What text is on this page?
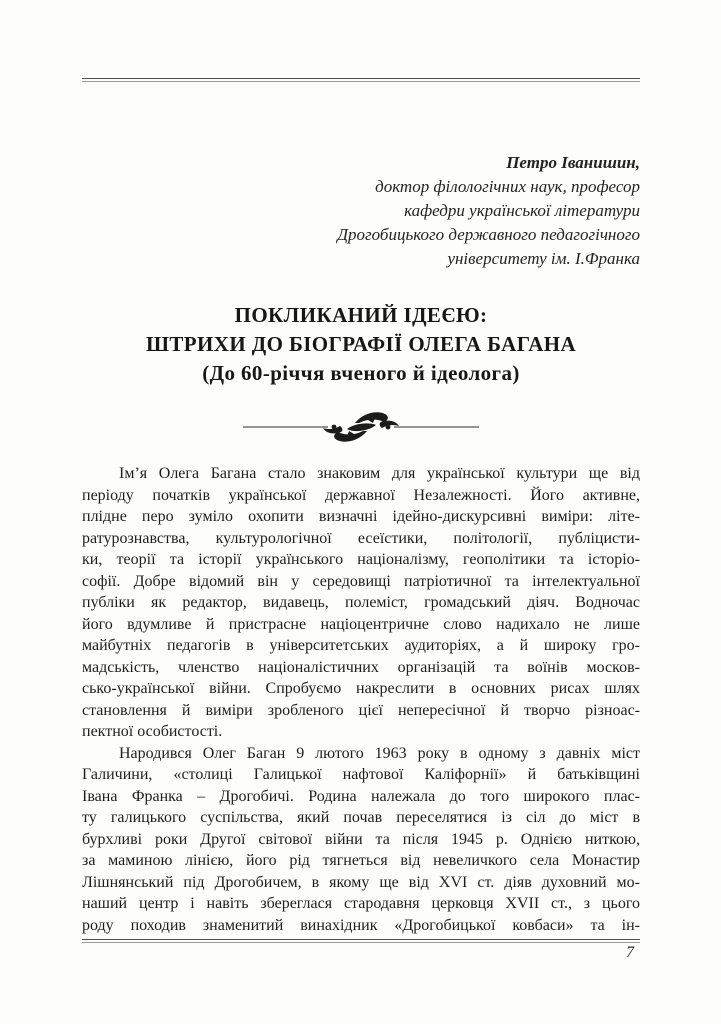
Петро Іванишин,
доктор філологічних наук, професор
кафедри української літератури
Дрогобицького державного педагогічного
університету ім. І.Франка
ПОКЛИКАНИЙ ІДЕЄЮ:
ШТРИХИ ДО БІОГРАФІЇ ОЛЕГА БАГАНА
(До 60-річчя вченого й ідеолога)
Ім’я Олега Багана стало знаковим для української культури ще від
періоду початків української державної Незалежності. Його активне,
плідне перо зуміло охопити визначні ідейно-дискурсивні виміри: літе-
ратурознавства, культурологічної есеїстики, політології, публіцисти-
ки, теорії та історії українського націоналізму, геополітики та історіо-
софії. Добре відомий він у середовищі патріотичної та інтелектуальної
публіки як редактор, видавець, полеміст, громадський діяч. Водночас
його вдумливе й пристрасне націоцентричне слово надихало не лише
майбутніх педагогів в університетських аудиторіях, а й широку гро-
мадськість, членство націоналістичних організацій та воїнів москов-
сько-української війни. Спробуємо накреслити в основних рисах шлях
становлення й виміри зробленого цієї непересічної й творчо різноас-
пектної особистості.
Народився Олег Баган 9 лютого 1963 року в одному з давніх міст
Галичини, «столиці Галицької нафтової Каліфорнії» й батьківщині
Івана Франка – Дрогобичі. Родина належала до того широкого плас-
ту галицького суспільства, який почав переселятися із сіл до міст в
бурхливі роки Другої світової війни та після 1945 р. Однією ниткою,
за маминою лінією, його рід тягнеться від невеличкого села Монастир
Лішнянський під Дрогобичем, в якому ще від XVI ст. діяв духовний мо-
наший центр і навіть збереглася стародавня церковця XVII ст., з цього
роду походив знаменитий винахідник «Дрогобицької ковбаси» та ін-
7
